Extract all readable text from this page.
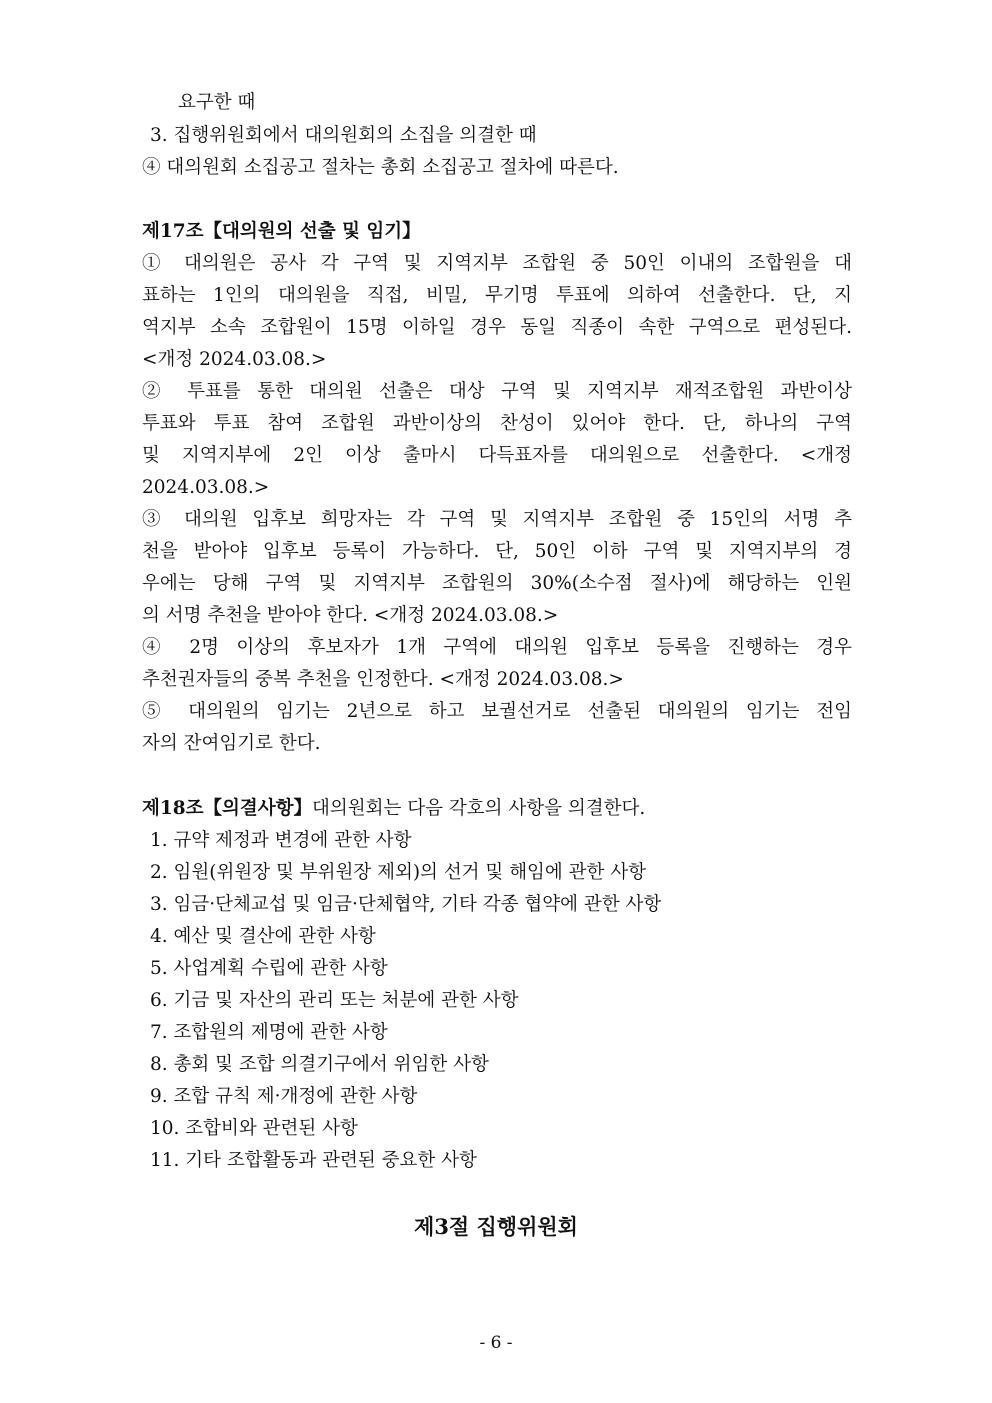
요구한 때
3. 집행위원회에서 대의원회의 소집을 의결한 때
④ 대의원회 소집공고 절차는 총회 소집공고 절차에 따른다.
제17조【대의원의 선출 및 임기】
① 대의원은 공사 각 구역 및 지역지부 조합원 중 50인 이내의 조합원을 대
표하는 1인의 대의원을 직접, 비밀, 무기명 투표에 의하여 선출한다. 단, 지
역지부 소속 조합원이 15명 이하일 경우 동일 직종이 속한 구역으로 편성된다.
<개정 2024.03.08.>
② 투표를 통한 대의원 선출은 대상 구역 및 지역지부 재적조합원 과반이상
투표와 투표 참여 조합원 과반이상의 찬성이 있어야 한다. 단, 하나의 구역
및 지역지부에 2인 이상 출마시 다득표자를 대의원으로 선출한다. <개정
2024.03.08.>
③ 대의원 입후보 희망자는 각 구역 및 지역지부 조합원 중 15인의 서명 추
천을 받아야 입후보 등록이 가능하다. 단, 50인 이하 구역 및 지역지부의 경
우에는 당해 구역 및 지역지부 조합원의 30%(소수점 절사)에 해당하는 인원
의 서명 추천을 받아야 한다. <개정 2024.03.08.>
④ 2명 이상의 후보자가 1개 구역에 대의원 입후보 등록을 진행하는 경우
추천권자들의 중복 추천을 인정한다. <개정 2024.03.08.>
⑤ 대의원의 임기는 2년으로 하고 보궐선거로 선출된 대의원의 임기는 전임
자의 잔여임기로 한다.
제18조【의결사항】대의원회는 다음 각호의 사항을 의결한다.
1. 규약 제정과 변경에 관한 사항
2. 임원(위원장 및 부위원장 제외)의 선거 및 해임에 관한 사항
3. 임금·단체교섭 및 임금·단체협약, 기타 각종 협약에 관한 사항
4. 예산 및 결산에 관한 사항
5. 사업계획 수립에 관한 사항
6. 기금 및 자산의 관리 또는 처분에 관한 사항
7. 조합원의 제명에 관한 사항
8. 총회 및 조합 의결기구에서 위임한 사항
9. 조합 규칙 제·개정에 관한 사항
10. 조합비와 관련된 사항
11. 기타 조합활동과 관련된 중요한 사항
제3절 집행위원회
- 6 -
